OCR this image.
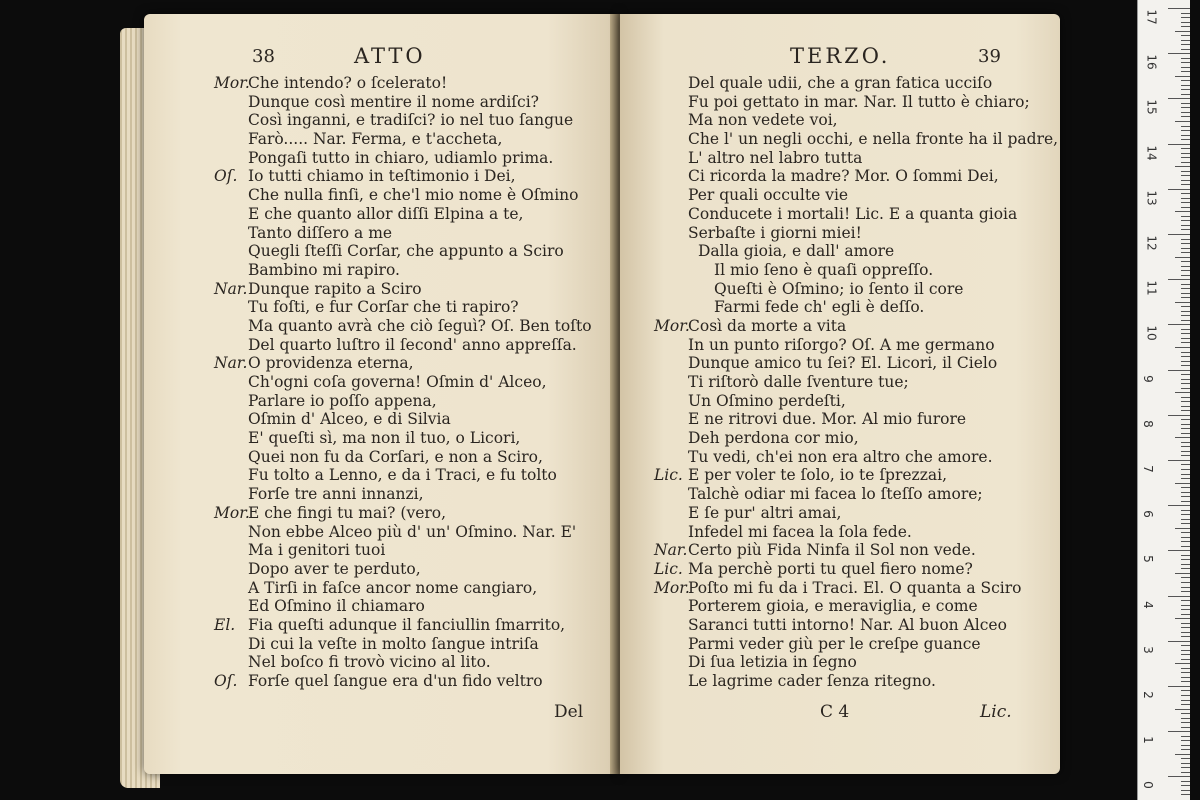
38	ATTO
Mor.Che intendo? o ſcelerato!
Dunque così mentire il nome ardiſci?
Così inganni, e tradiſci? io nel tuo ſangue
Farò..... Nar. Ferma, e t'accheta,
Pongaſi tutto in chiaro, udiamlo prima.
Oſ. Io tutti chiamo in teſtimonio i Dei,
Che nulla finſi, e che'l mio nome è Oſmino
E che quanto allor diſſi Elpina a te,
Tanto diſſero a me
Quegli ſteſſi Corſar, che appunto a Sciro
Bambino mi rapiro.
Nar.Dunque rapito a Sciro
Tu foſti, e fur Corſar che ti rapiro?
Ma quanto avrà che ciò ſeguì? Oſ. Ben toſto
Del quarto luſtro il ſecond' anno appreſſa.
Nar.O providenza eterna,
Ch'ogni coſa governa! Oſmin d' Alceo,
Parlare io poſſo appena,
Oſmin d' Alceo, e di Silvia
E' queſti sì, ma non il tuo, o Licori,
Quei non fu da Corſari, e non a Sciro,
Fu tolto a Lenno, e da i Traci, e fu tolto
Forſe tre anni innanzi,
Mor.E che fingi tu mai? (vero,
Non ebbe Alceo più d' un' Oſmino. Nar. E'
Ma i genitori tuoi
Dopo aver te perduto,
A Tirſi in faſce ancor nome cangiaro,
Ed Oſmino il chiamaro
El. Fia queſti adunque il fanciullin ſmarrito,
Di cui la veſte in molto ſangue intriſa
Nel boſco fi trovò vicino al lito.
Oſ. Forſe quel ſangue era d'un fido veltro
Del
TERZO.	39
Del quale udii, che a gran fatica ucciſo
Fu poi gettato in mar. Nar. Il tutto è chiaro;
Ma non vedete voi,
Che l' un negli occhi, e nella fronte ha il padre,
L' altro nel labro tutta
Ci ricorda la madre? Mor. O ſommi Dei,
Per quali occulte vie
Conducete i mortali! Lic. E a quanta gioia
Serbaſte i giorni miei!
Dalla gioia, e dall' amore
Il mio ſeno è quaſi oppreſſo.
Queſti è Oſmino; io ſento il core
Farmi fede ch' egli è deſſo.
Mor.Così da morte a vita
In un punto riſorgo? Oſ. A me germano
Dunque amico tu ſei? El. Licori, il Cielo
Ti riſtorò dalle ſventure tue;
Un Oſmino perdeſti,
E ne ritrovi due. Mor. Al mio furore
Deh perdona cor mio,
Tu vedi, ch'ei non era altro che amore.
Lic. E per voler te ſolo, io te ſprezzai,
Talchè odiar mi facea lo ſteſſo amore;
E ſe pur' altri amai,
Infedel mi facea la ſola fede.
Nar.Certo più Fida Ninfa il Sol non vede.
Lic. Ma perchè porti tu quel fiero nome?
Mor.Poſto mi fu da i Traci. El. O quanta a Sciro
Porterem gioia, e meraviglia, e come
Saranci tutti intorno! Nar. Al buon Alceo
Parmi veder giù per le creſpe guance
Di ſua letizia in ſegno
Le lagrime cader ſenza ritegno.
C 4	Lic.
17
16
15
14
13
12
11
10
9
8
7
6
5
4
3
2
1
0
